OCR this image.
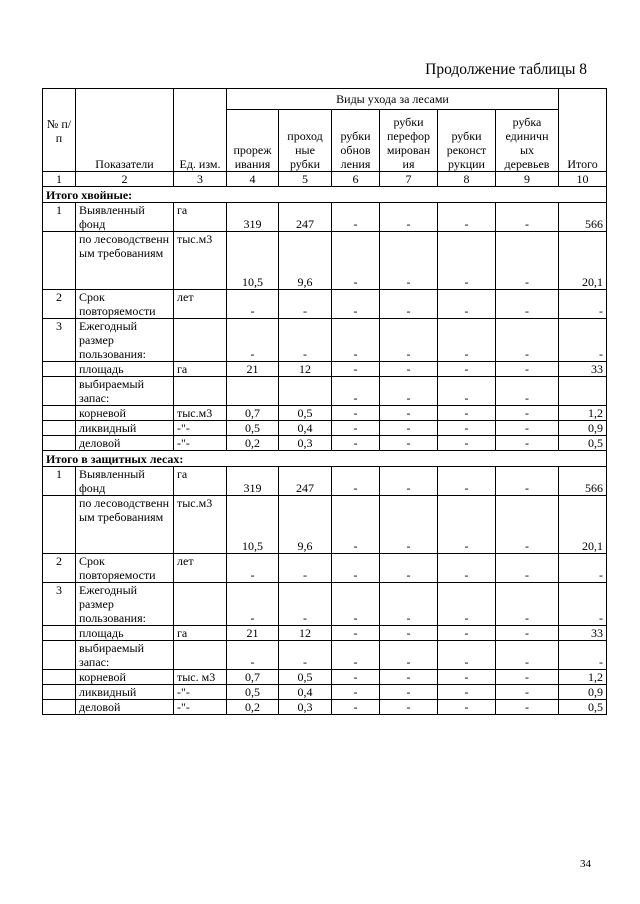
Продолжение таблицы 8
№ п/п	Показатели	Ед. изм.	Виды ухода за лесами						Итого
			прореж ивания	проход ные рубки	рубки обнов ления	рубки перефор мирован ия	рубки реконст рукции	рубка единичн ых деревьев	
1	2	3	4	5	6	7	8	9	10
Итого хвойные:									
1	Выявленный фонд	га	319	247	-	-	-	-	566
	по лесоводственн ым требованиям	тыс.м3	10,5	9,6	-	-	-	-	20,1
2	Срок повторяемости	лет	-	-	-	-	-	-	-
3	Ежегодный размер пользования:		-	-	-	-	-	-	-
	площадь	га	21	12	-	-	-	-	33
	выбираемый запас:				-	-	-	-	
	корневой	тыс.м3	0,7	0,5	-	-	-	-	1,2
	ликвидный	-"-	0,5	0,4	-	-	-	-	0,9
	деловой	-"-	0,2	0,3	-	-	-	-	0,5
Итого в защитных лесах:									
1	Выявленный фонд	га	319	247	-	-	-	-	566
	по лесоводственн ым требованиям	тыс.м3	10,5	9,6	-	-	-	-	20,1
2	Срок повторяемости	лет	-	-	-	-	-	-	-
3	Ежегодный размер пользования:		-	-	-	-	-	-	-
	площадь	га	21	12	-	-	-	-	33
	выбираемый запас:		-	-	-	-	-	-	-
	корневой	тыс. м3	0,7	0,5	-	-	-	-	1,2
	ликвидный	-"-	0,5	0,4	-	-	-	-	0,9
	деловой	-"-	0,2	0,3	-	-	-	-	0,5
34
